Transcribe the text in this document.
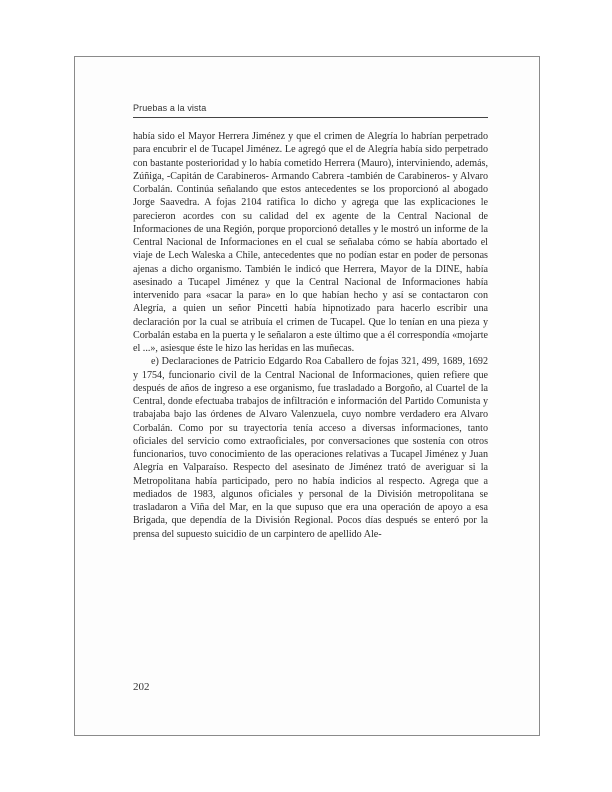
Pruebas a la vista

había sido el Mayor Herrera Jiménez y que el crimen de Alegría lo habrían perpetrado para encubrir el de Tucapel Jiménez. Le agregó que el de Alegría había sido perpetrado con bastante posterioridad y lo había cometido Herrera (Mauro), interviniendo, además, Zúñiga, -Capitán de Carabineros- Armando Cabrera -también de Carabineros- y Alvaro Corbalán. Continúa señalando que estos antecedentes se los proporcionó al abogado Jorge Saavedra. A fojas 2104 ratifica lo dicho y agrega que las explicaciones le parecieron acordes con su calidad del ex agente de la Central Nacional de Informaciones de una Región, porque proporcionó detalles y le mostró un informe de la Central Nacional de Informaciones en el cual se señalaba cómo se había abortado el viaje de Lech Waleska a Chile, antecedentes que no podían estar en poder de personas ajenas a dicho organismo. También le indicó que Herrera, Mayor de la DINE, había asesinado a Tucapel Jiménez y que la Central Nacional de Informaciones había intervenido para «sacar la para» en lo que habían hecho y así se contactaron con Alegría, a quien un señor Pincetti había hipnotizado para hacerlo escribir una declaración por la cual se atribuía el crimen de Tucapel. Que lo tenían en una pieza y Corbalán estaba en la puerta y le señalaron a este último que a él correspondía «mojarte el ...», asiesque éste le hizo las heridas en las muñecas.

e) Declaraciones de Patricio Edgardo Roa Caballero de fojas 321, 499, 1689, 1692 y 1754, funcionario civil de la Central Nacional de Informaciones, quien refiere que después de años de ingreso a ese organismo, fue trasladado a Borgoño, al Cuartel de la Central, donde efectuaba trabajos de infiltración e información del Partido Comunista y trabajaba bajo las órdenes de Alvaro Valenzuela, cuyo nombre verdadero era Alvaro Corbalán. Como por su trayectoria tenía acceso a diversas informaciones, tanto oficiales del servicio como extraoficiales, por conversaciones que sostenía con otros funcionarios, tuvo conocimiento de las operaciones relativas a Tucapel Jiménez y Juan Alegría en Valparaíso. Respecto del asesinato de Jiménez trató de averiguar si la Metropolitana había participado, pero no había indicios al respecto. Agrega que a mediados de 1983, algunos oficiales y personal de la División metropolitana se trasladaron a Viña del Mar, en la que supuso que era una operación de apoyo a esa Brigada, que dependía de la División Regional. Pocos días después se enteró por la prensa del supuesto suicidio de un carpintero de apellido Ale-

202
